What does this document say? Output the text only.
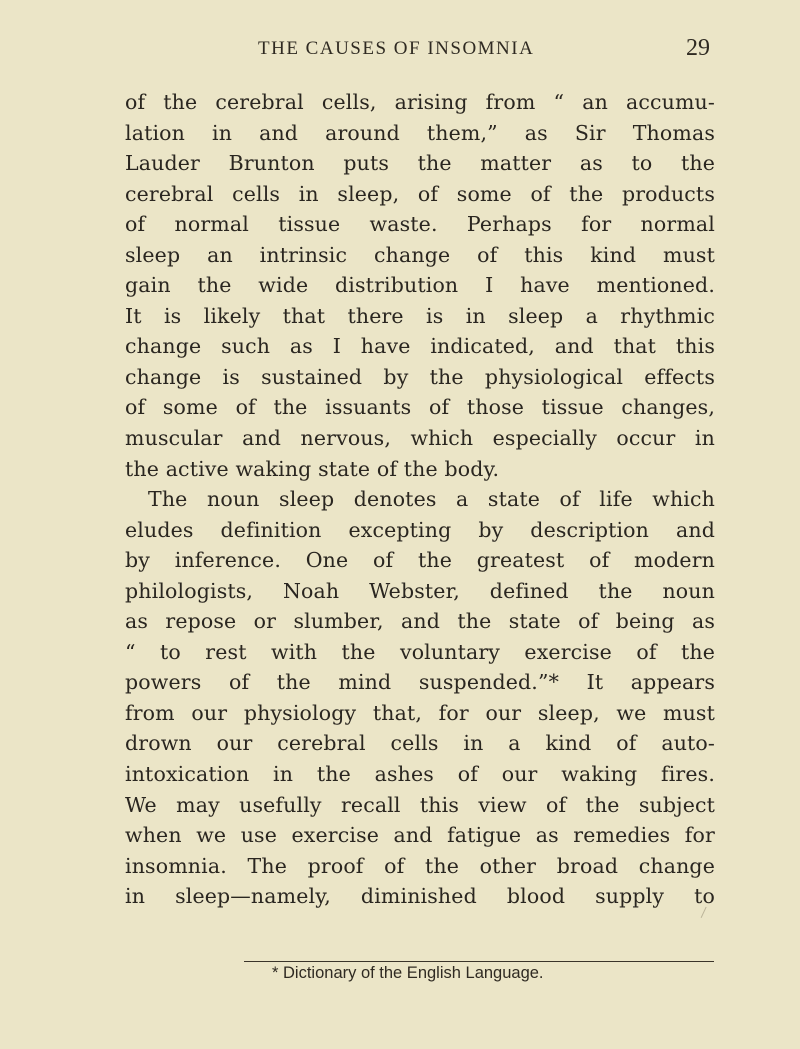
THE CAUSES OF INSOMNIA	29
of the cerebral cells, arising from “ an accumu-
lation in and around them,” as Sir Thomas
Lauder Brunton puts the matter as to the
cerebral cells in sleep, of some of the products
of normal tissue waste. Perhaps for normal
sleep an intrinsic change of this kind must
gain the wide distribution I have mentioned.
It is likely that there is in sleep a rhythmic
change such as I have indicated, and that this
change is sustained by the physiological effects
of some of the issuants of those tissue changes,
muscular and nervous, which especially occur in
the active waking state of the body.
The noun sleep denotes a state of life which
eludes definition excepting by description and
by inference. One of the greatest of modern
philologists, Noah Webster, defined the noun
as repose or slumber, and the state of being as
“ to rest with the voluntary exercise of the
powers of the mind suspended.”* It appears
from our physiology that, for our sleep, we must
drown our cerebral cells in a kind of auto-
intoxication in the ashes of our waking fires.
We may usefully recall this view of the subject
when we use exercise and fatigue as remedies for
insomnia. The proof of the other broad change
in sleep—namely, diminished blood supply to
* Dictionary of the English Language.
